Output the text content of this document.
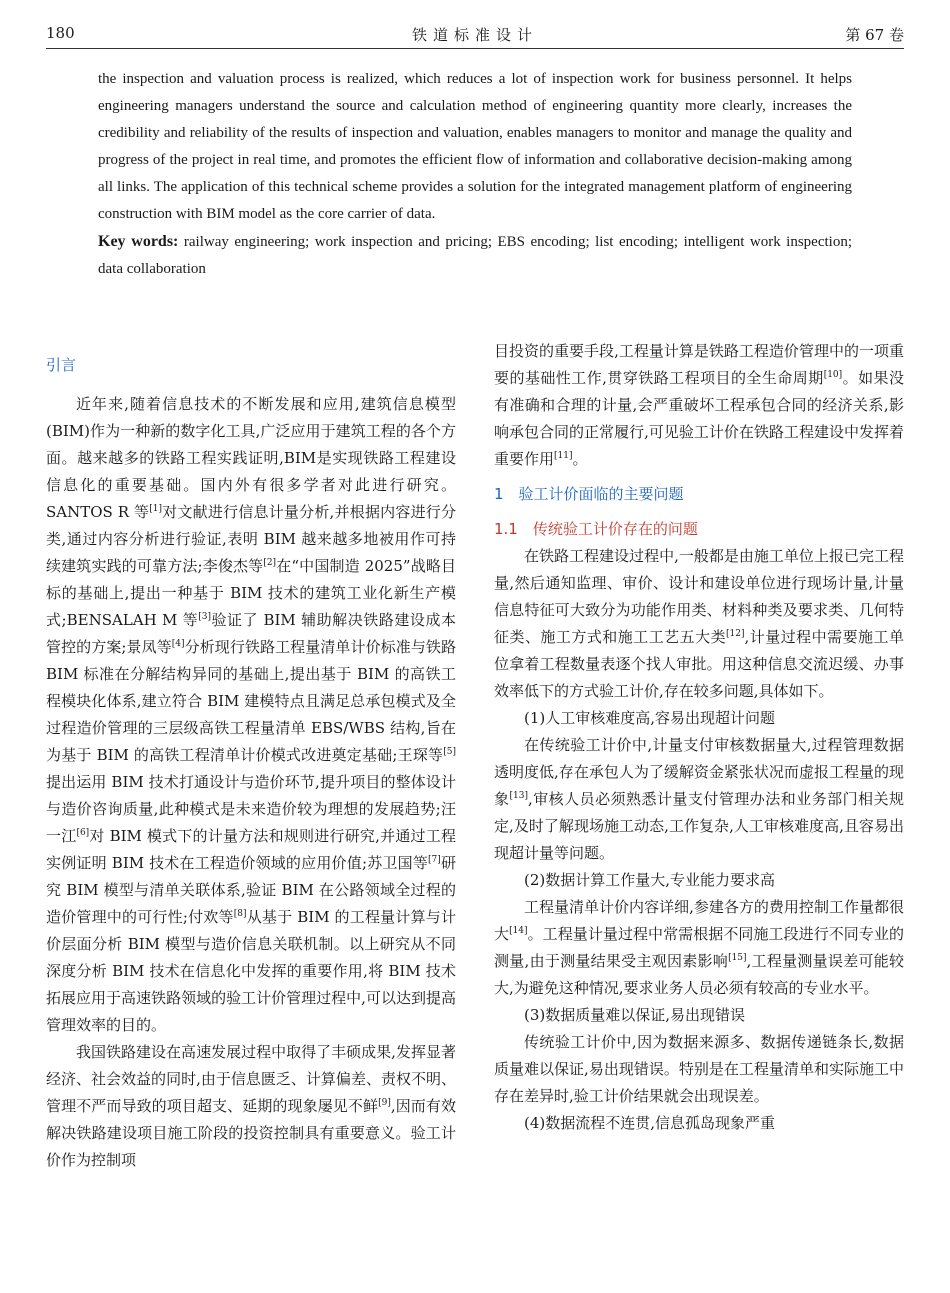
180	铁道标准设计	第 67 卷

the inspection and valuation process is realized, which reduces a lot of inspection work for business personnel. It helps engineering managers understand the source and calculation method of engineering quantity more clearly, increases the credibility and reliability of the results of inspection and valuation, enables managers to monitor and manage the quality and progress of the project in real time, and promotes the efficient flow of information and collaborative decision-making among all links. The application of this technical scheme provides a solution for the integrated management platform of engineering construction with BIM model as the core carrier of data.

Key words: railway engineering; work inspection and pricing; EBS encoding; list encoding; intelligent work inspection; data collaboration

引言

近年来,随着信息技术的不断发展和应用,建筑信息模型(BIM)作为一种新的数字化工具,广泛应用于建筑工程的各个方面。越来越多的铁路工程实践证明,BIM是实现铁路工程建设信息化的重要基础。国内外有很多学者对此进行研究。SANTOS R 等[1]对文献进行信息计量分析,并根据内容进行分类,通过内容分析进行验证,表明 BIM 越来越多地被用作可持续建筑实践的可靠方法;李俊杰等[2]在“中国制造 2025”战略目标的基础上,提出一种基于 BIM 技术的建筑工业化新生产模式;BENSALAH M 等[3]验证了 BIM 辅助解决铁路建设成本管控的方案;景凤等[4]分析现行铁路工程量清单计价标准与铁路 BIM 标准在分解结构异同的基础上,提出基于 BIM 的高铁工程模块化体系,建立符合 BIM 建模特点且满足总承包模式及全过程造价管理的三层级高铁工程量清单 EBS/WBS 结构,旨在为基于 BIM 的高铁工程清单计价模式改进奠定基础;王琛等[5]提出运用 BIM 技术打通设计与造价环节,提升项目的整体设计与造价咨询质量,此种模式是未来造价较为理想的发展趋势;汪一江[6]对 BIM 模式下的计量方法和规则进行研究,并通过工程实例证明 BIM 技术在工程造价领域的应用价值;苏卫国等[7]研究 BIM 模型与清单关联体系,验证 BIM 在公路领域全过程的造价管理中的可行性;付欢等[8]从基于 BIM 的工程量计算与计价层面分析 BIM 模型与造价信息关联机制。以上研究从不同深度分析 BIM 技术在信息化中发挥的重要作用,将 BIM 技术拓展应用于高速铁路领域的验工计价管理过程中,可以达到提高管理效率的目的。

我国铁路建设在高速发展过程中取得了丰硕成果,发挥显著经济、社会效益的同时,由于信息匮乏、计算偏差、责权不明、管理不严而导致的项目超支、延期的现象屡见不鲜[9],因而有效解决铁路建设项目施工阶段的投资控制具有重要意义。验工计价作为控制项

目投资的重要手段,工程量计算是铁路工程造价管理中的一项重要的基础性工作,贯穿铁路工程项目的全生命周期[10]。如果没有准确和合理的计量,会严重破坏工程承包合同的经济关系,影响承包合同的正常履行,可见验工计价在铁路工程建设中发挥着重要作用[11]。

1　验工计价面临的主要问题
1.1　传统验工计价存在的问题

在铁路工程建设过程中,一般都是由施工单位上报已完工程量,然后通知监理、审价、设计和建设单位进行现场计量,计量信息特征可大致分为功能作用类、材料种类及要求类、几何特征类、施工方式和施工工艺五大类[12],计量过程中需要施工单位拿着工程数量表逐个找人审批。用这种信息交流迟缓、办事效率低下的方式验工计价,存在较多问题,具体如下。

(1)人工审核难度高,容易出现超计问题

在传统验工计价中,计量支付审核数据量大,过程管理数据透明度低,存在承包人为了缓解资金紧张状况而虚报工程量的现象[13],审核人员必须熟悉计量支付管理办法和业务部门相关规定,及时了解现场施工动态,工作复杂,人工审核难度高,且容易出现超计量等问题。

(2)数据计算工作量大,专业能力要求高

工程量清单计价内容详细,参建各方的费用控制工作量都很大[14]。工程量计量过程中常需根据不同施工段进行不同专业的测量,由于测量结果受主观因素影响[15],工程量测量误差可能较大,为避免这种情况,要求业务人员必须有较高的专业水平。

(3)数据质量难以保证,易出现错误

传统验工计价中,因为数据来源多、数据传递链条长,数据质量难以保证,易出现错误。特别是在工程量清单和实际施工中存在差异时,验工计价结果就会出现误差。

(4)数据流程不连贯,信息孤岛现象严重
